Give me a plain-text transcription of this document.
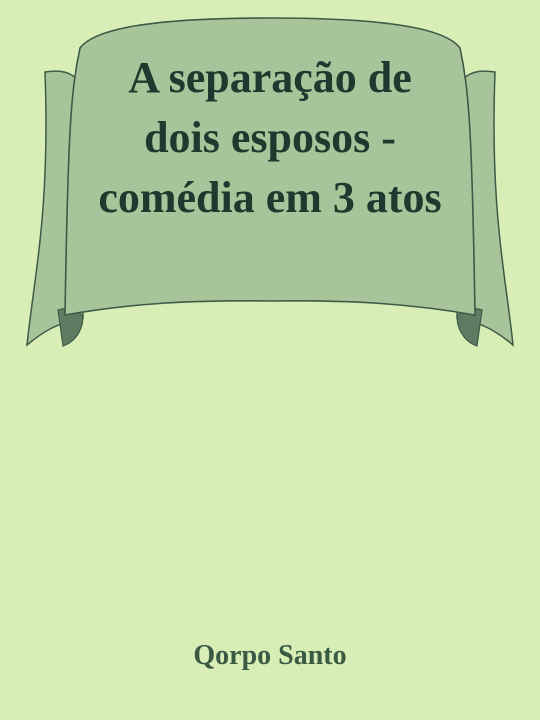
A separação de dois esposos - comédia em 3 atos
Qorpo Santo
